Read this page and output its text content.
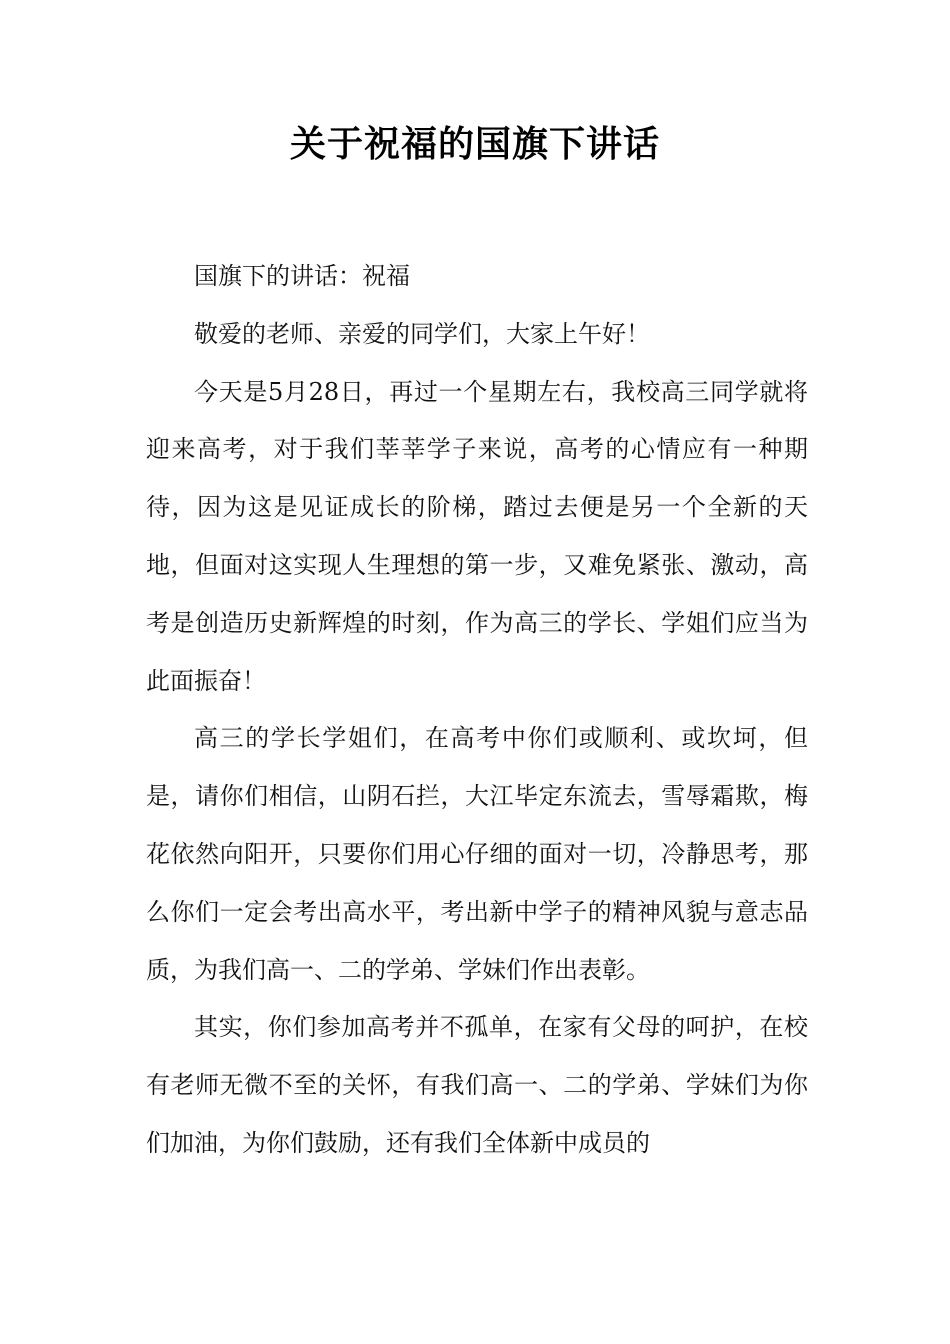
关于祝福的国旗下讲话

国旗下的讲话：祝福

敬爱的老师、亲爱的同学们，大家上午好！

今天是5月28日，再过一个星期左右，我校高三同学就将迎来高考，对于我们莘莘学子来说，高考的心情应有一种期待，因为这是见证成长的阶梯，踏过去便是另一个全新的天地，但面对这实现人生理想的第一步，又难免紧张、激动，高考是创造历史新辉煌的时刻，作为高三的学长、学姐们应当为此面振奋！

高三的学长学姐们，在高考中你们或顺利、或坎坷，但是，请你们相信，山阴石拦，大江毕定东流去，雪辱霜欺，梅花依然向阳开，只要你们用心仔细的面对一切，冷静思考，那么你们一定会考出高水平，考出新中学子的精神风貌与意志品质，为我们高一、二的学弟、学妹们作出表彰。

其实，你们参加高考并不孤单，在家有父母的呵护，在校有老师无微不至的关怀，有我们高一、二的学弟、学妹们为你们加油，为你们鼓励，还有我们全体新中成员的
